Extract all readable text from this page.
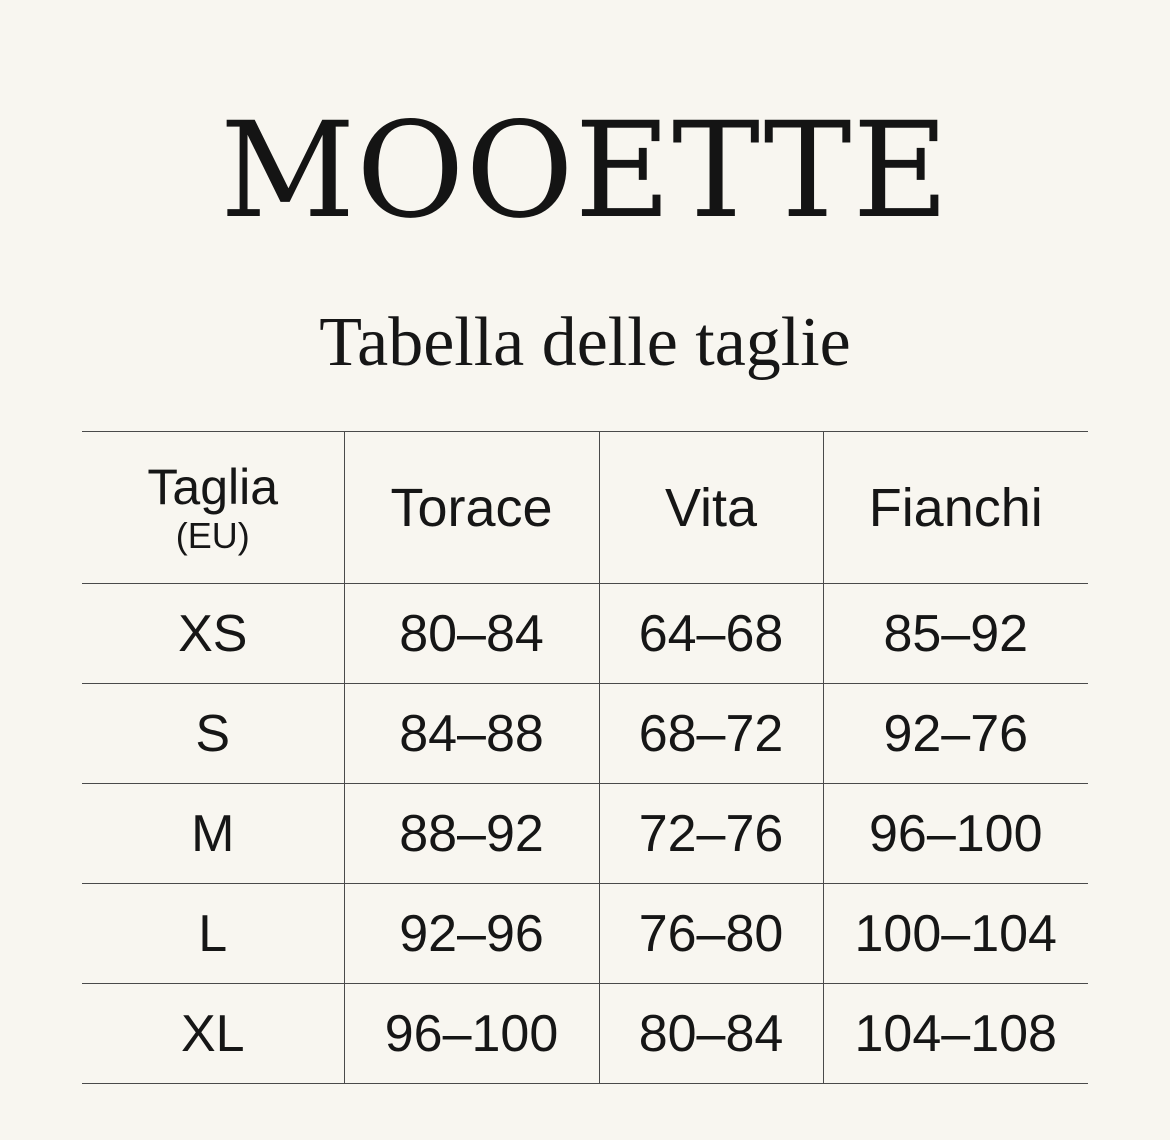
MOOETTE
Tabella delle taglie
Taglia
(EU)	Torace	Vita	Fianchi
XS	80–84	64–68	85–92
S	84–88	68–72	92–76
M	88–92	72–76	96–100
L	92–96	76–80	100–104
XL	96–100	80–84	104–108
